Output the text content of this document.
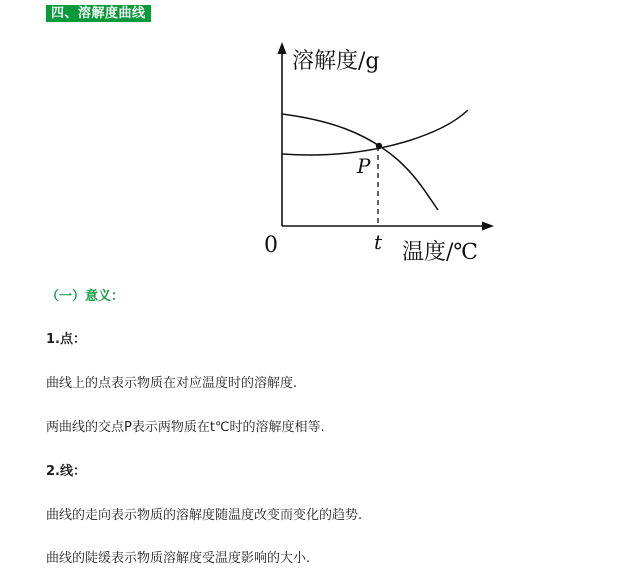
四、溶解度曲线
溶解度/g
P
0	t 温度/℃
（一）意义：
1.点：
曲线上的点表示物质在对应温度时的溶解度.
两曲线的交点P表示两物质在t℃时的溶解度相等.
2.线：
曲线的走向表示物质的溶解度随温度改变而变化的趋势.
曲线的陡缓表示物质溶解度受温度影响的大小.
